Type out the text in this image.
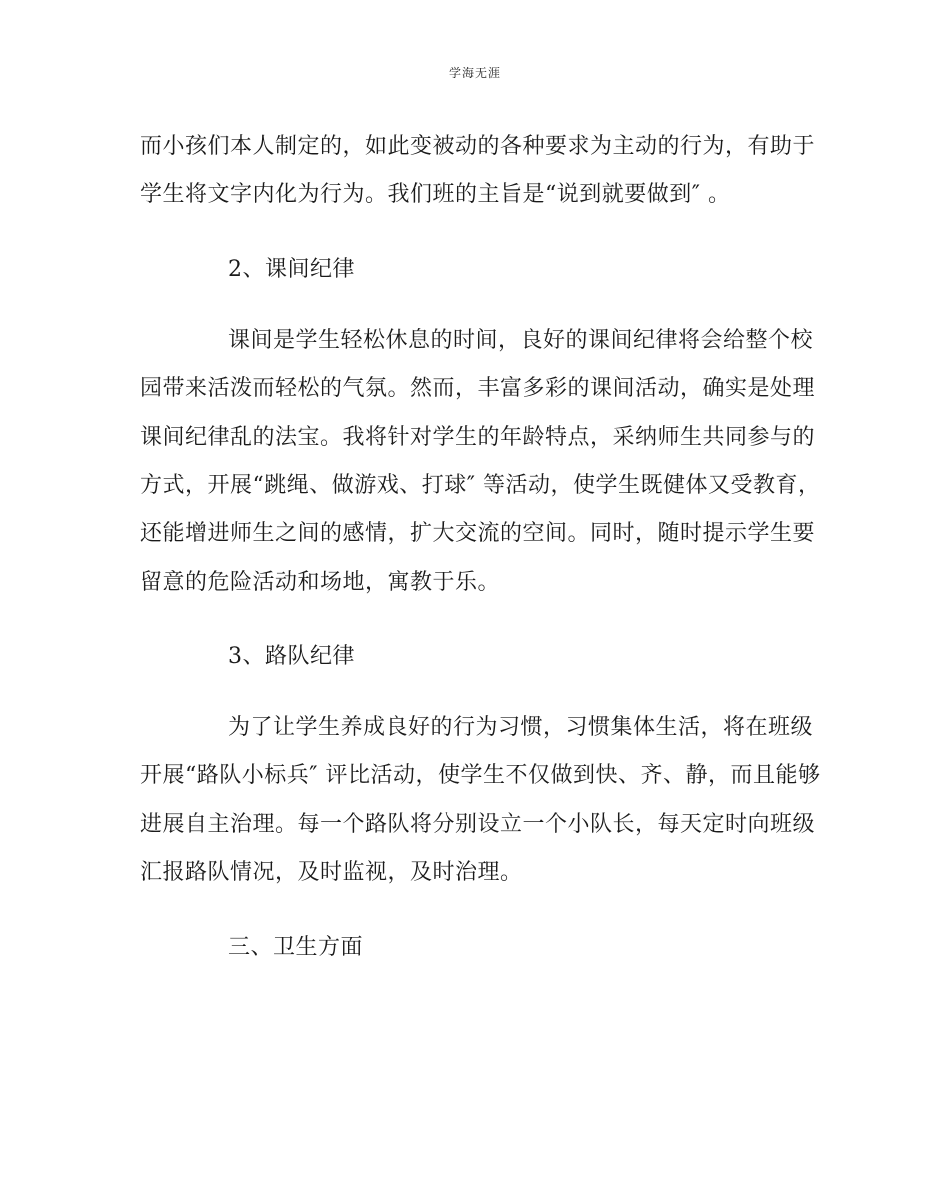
学海无涯
而小孩们本人制定的，如此变被动的各种要求为主动的行为，有助于
学生将文字内化为行为。我们班的主旨是“说到就要做到″ 。
2、课间纪律
课间是学生轻松休息的时间，良好的课间纪律将会给整个校
园带来活泼而轻松的气氛。然而，丰富多彩的课间活动，确实是处理
课间纪律乱的法宝。我将针对学生的年龄特点，采纳师生共同参与的
方式，开展“跳绳、做游戏、打球″ 等活动，使学生既健体又受教育，
还能增进师生之间的感情，扩大交流的空间。同时，随时提示学生要
留意的危险活动和场地，寓教于乐。
3、路队纪律
为了让学生养成良好的行为习惯，习惯集体生活，将在班级
开展“路队小标兵″ 评比活动，使学生不仅做到快、齐、静，而且能够
进展自主治理。每一个路队将分别设立一个小队长，每天定时向班级
汇报路队情况，及时监视，及时治理。
三、卫生方面
